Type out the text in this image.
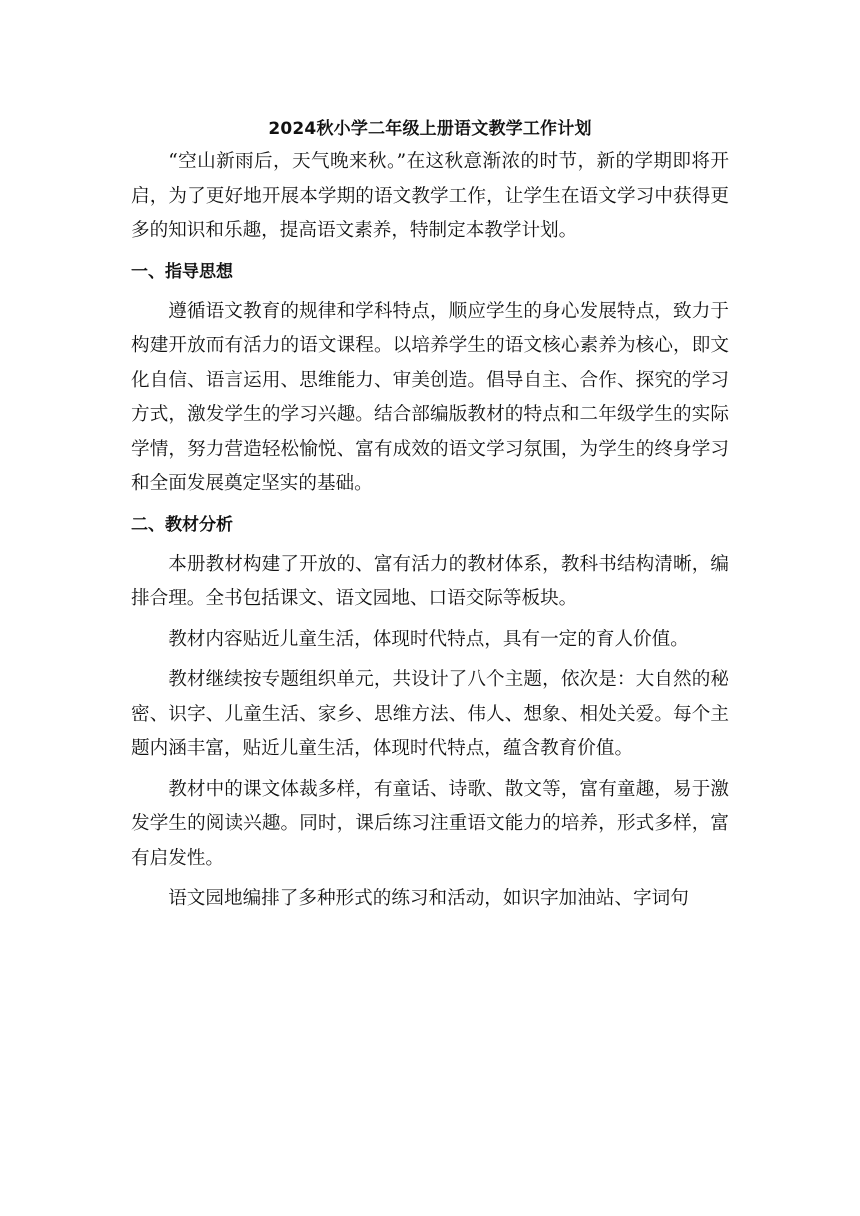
2024秋小学二年级上册语文教学工作计划

“空山新雨后，天气晚来秋。”在这秋意渐浓的时节，新的学期即将开启，为了更好地开展本学期的语文教学工作，让学生在语文学习中获得更多的知识和乐趣，提高语文素养，特制定本教学计划。

一、指导思想

遵循语文教育的规律和学科特点，顺应学生的身心发展特点，致力于构建开放而有活力的语文课程。以培养学生的语文核心素养为核心，即文化自信、语言运用、思维能力、审美创造。倡导自主、合作、探究的学习方式，激发学生的学习兴趣。结合部编版教材的特点和二年级学生的实际学情，努力营造轻松愉悦、富有成效的语文学习氛围，为学生的终身学习和全面发展奠定坚实的基础。

二、教材分析

本册教材构建了开放的、富有活力的教材体系，教科书结构清晰，编排合理。全书包括课文、语文园地、口语交际等板块。

教材内容贴近儿童生活，体现时代特点，具有一定的育人价值。

教材继续按专题组织单元，共设计了八个主题，依次是：大自然的秘密、识字、儿童生活、家乡、思维方法、伟人、想象、相处关爱。每个主题内涵丰富，贴近儿童生活，体现时代特点，蕴含教育价值。

教材中的课文体裁多样，有童话、诗歌、散文等，富有童趣，易于激发学生的阅读兴趣。同时，课后练习注重语文能力的培养，形式多样，富有启发性。

语文园地编排了多种形式的练习和活动，如识字加油站、字词句
